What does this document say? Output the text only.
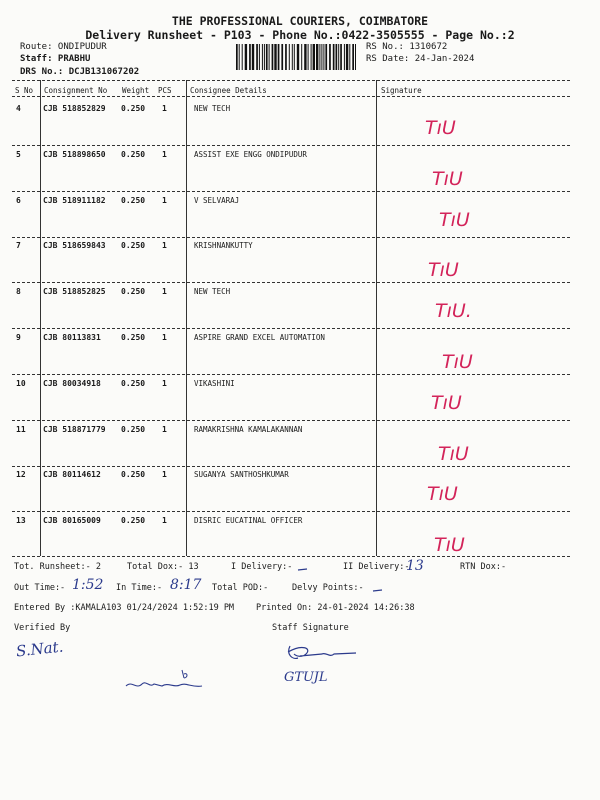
THE PROFESSIONAL COURIERS, COIMBATORE
Delivery Runsheet - P103 - Phone No.:0422-3505555 - Page No.:2
Route: ONDIPUDUR
Staff: PRABHU
DRS No.: DCJB131067202
RS No.: 1310672
RS Date: 24-Jan-2024
S No Consignment No Weight PCS Consignee Details	Signature
4	CJB 518852829 0.250 1	NEW TECH
TıU
5	CJB 518898650 0.250 1	ASSIST EXE ENGG ONDIPUDUR
TıU
6	CJB 518911182 0.250 1	V SELVARAJ
TıU
7	CJB 518659843 0.250 1	KRISHNANKUTTY
TıU
8	CJB 518852825 0.250 1	NEW TECH
TıU.
9	CJB 80113831	0.250 1	ASPIRE GRAND EXCEL AUTOMATION
TıU
10 CJB 80034918	0.250 1	VIKASHINI
TıU
11 CJB 518871779 0.250 1	RAMAKRISHNA KAMALAKANNAN
TıU
12 CJB 80114612	0.250 1	SUGANYA SANTHOSHKUMAR
TıU
13 CJB 80165009	0.250 1	DISRIC EUCATINAL OFFICER
TıU
Tot. Runsheet:- 2	Total Dox:- 13	I Delivery:-	II Delivery:-
13	RTN Dox:-
Out Time:- 1:52 In Time:- 8:17 Total POD:-	Delvy Points:-
Entered By :KAMALA103 01/24/2024 1:52:19 PM	Printed On: 24-01-2024 14:26:38
Verified By	Staff Signature
S.Nat.
GTUJL
